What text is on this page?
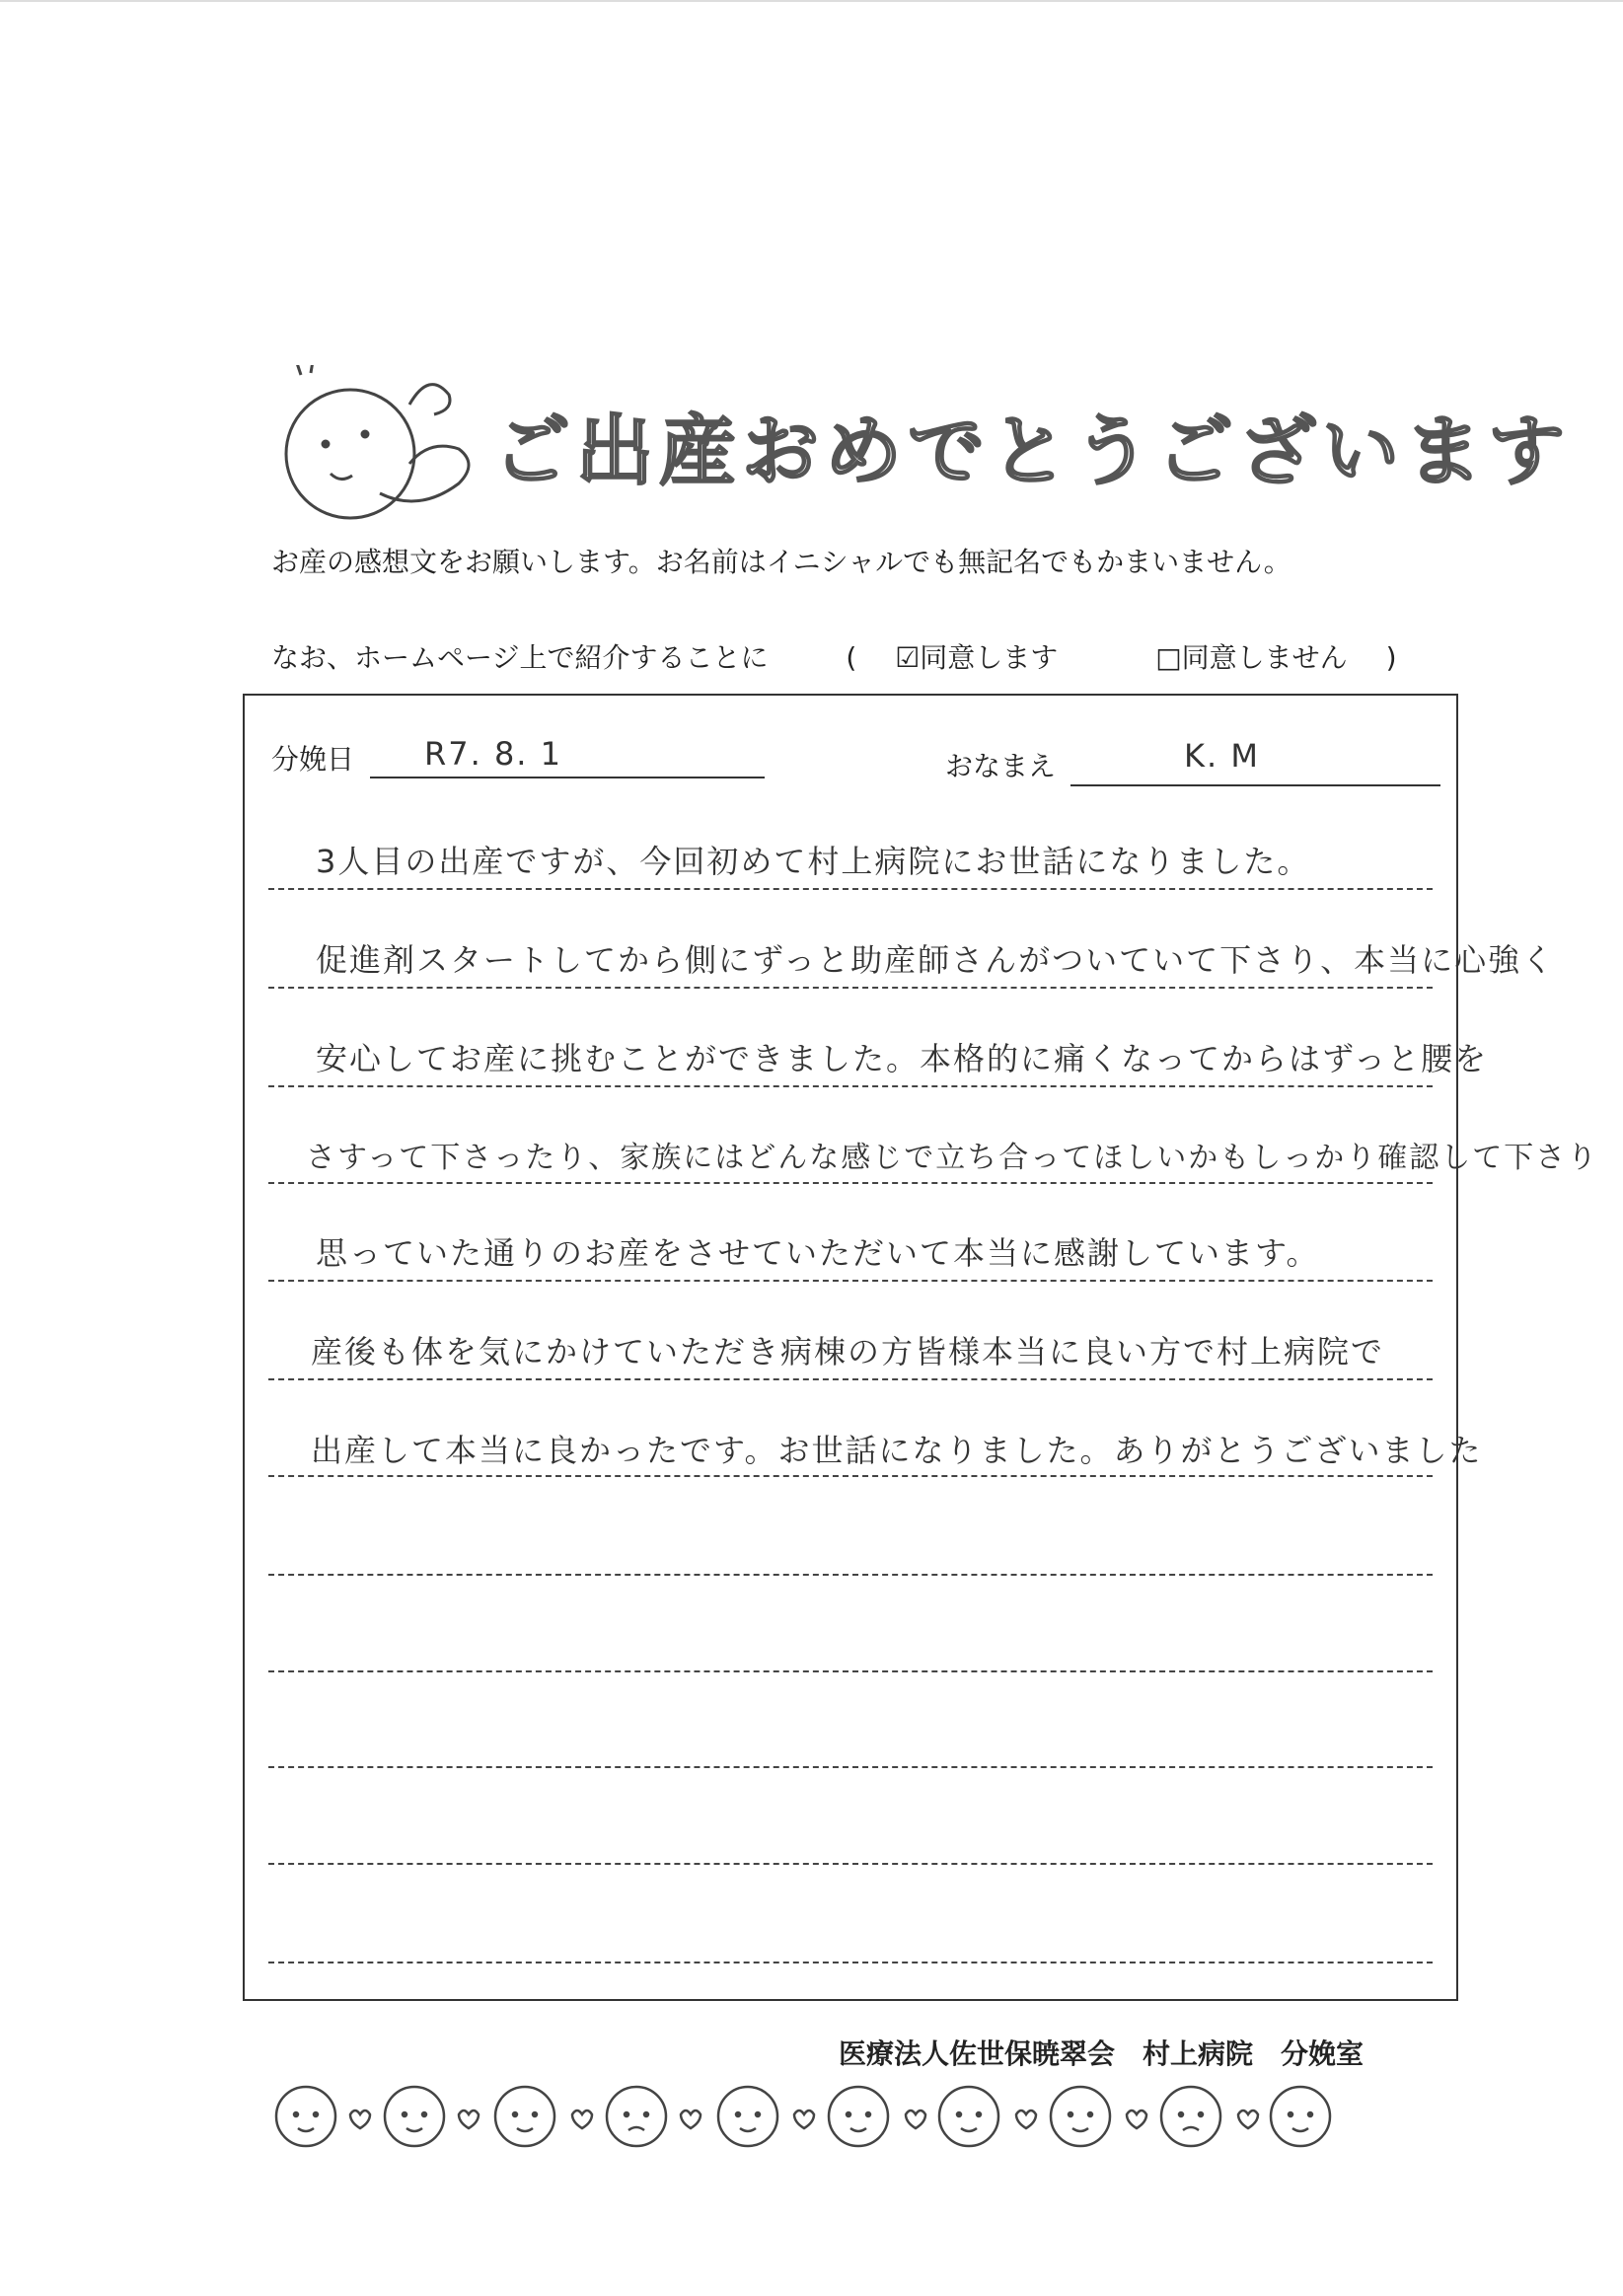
ご出産おめでとうございます
お産の感想文をお願いします。お名前はイニシャルでも無記名でもかまいません。
なお、ホームページ上で紹介することに	( ☑同意します	□同意しません )
分娩日 R7. 8. 1	おなまえ	K. M
3人目の出産ですが、今回初めて村上病院にお世話になりました。
促進剤スタートしてから側にずっと助産師さんがついていて下さり、本当に心強く
安心してお産に挑むことができました。本格的に痛くなってからはずっと腰を
さすって下さったり、家族にはどんな感じで立ち合ってほしいかもしっかり確認して下さり
思っていた通りのお産をさせていただいて本当に感謝しています。
産後も体を気にかけていただき病棟の方皆様本当に良い方で村上病院で
出産して本当に良かったです。お世話になりました。ありがとうございました
医療法人佐世保暁翠会　村上病院　分娩室
